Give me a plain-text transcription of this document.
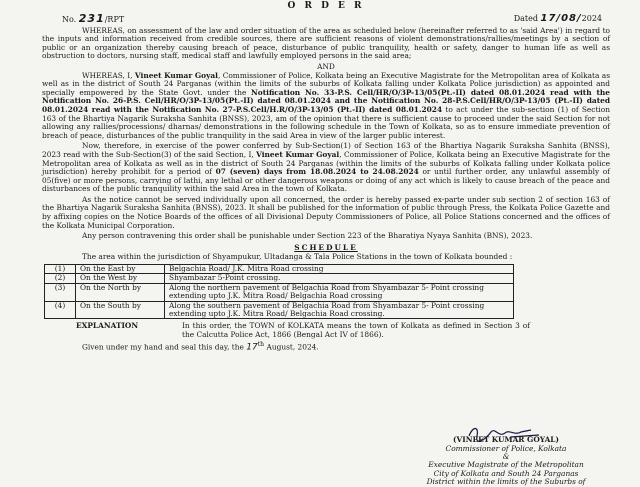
O R D E R
No. 231/RPT	Dated 17/08/2024

WHEREAS, on assessment of the law and order situation of the area as scheduled below (hereinafter referred to as 'said Area') in regard to the inputs and information received from credible sources, there are sufficient reasons of violent demonstrations/rallies/meetings by a section of public or an organization thereby causing breach of peace, disturbance of public tranquility, health or safety, danger to human life as well as obstruction to doctors, nursing staff, medical staff and lawfully employed persons in the said area;

AND

WHEREAS, I, Vineet Kumar Goyal, Commissioner of Police, Kolkata being an Executive Magistrate for the Metropolitan area of Kolkata as well as in the district of South 24 Parganas (within the limits of the suburbs of Kolkata falling under Kolkata Police jurisdiction) as appointed and specially empowered by the State Govt. under the Notification No. 33-P.S. Cell/HR/O/3P-13/05(Pt.-II) dated 08.01.2024 read with the Notification No. 26-P.S. Cell/HR/O/3P-13/05(Pt.-II) dated 08.01.2024 and the Notification No. 28-P.S.Cell/HR/O/3P-13/05 (Pt.-II) dated 08.01.2024 read with the Notification No. 27-P.S.Cell/H.R/O/3P-13/05 (Pt.-II) dated 08.01.2024 to act under the sub-section (1) of Section 163 of the Bhartiya Nagarik Suraksha Sanhita (BNSS), 2023, am of the opinion that there is sufficient cause to proceed under the said Section for not allowing any rallies/processions/ dharnas/ demonstrations in the following schedule in the Town of Kolkata, so as to ensure immediate prevention of breach of peace, disturbances of the public tranquility in the said Area in view of the larger public interest.

Now, therefore, in exercise of the power conferred by Sub-Section(1) of Section 163 of the Bhartiya Nagarik Suraksha Sanhita (BNSS), 2023 read with the Sub-Section(3) of the said Section, I, Vineet Kumar Goyal, Commissioner of Police, Kolkata being an Executive Magistrate for the Metropolitan area of Kolkata as well as in the district of South 24 Parganas (within the limits of the suburbs of Kolkata falling under Kolkata police jurisdiction) hereby prohibit for a period of 07 (seven) days from 18.08.2024 to 24.08.2024 or until further order, any unlawful assembly of 05(five) or more persons, carrying of lathi, any lethal or other dangerous weapons or doing of any act which is likely to cause breach of the peace and disturbances of the public tranquility within the said Area in the town of Kolkata.

As the notice cannot be served individually upon all concerned, the order is hereby passed ex-parte under sub section 2 of section 163 of the Bhartiya Nagarik Suraksha Sanhita (BNSS), 2023. It shall be published for the information of public through Press, the Kolkata Police Gazette and by affixing copies on the Notice Boards of the offices of all Divisional Deputy Commissioners of Police, all Police Stations concerned and the offices of the Kolkata Municipal Corporation.

Any person contravening this order shall be punishable under Section 223 of the Bharatiya Nyaya Sanhita (BNS), 2023.

SCHEDULE

The area within the jurisdiction of Shyampukur, Ultadanga & Tala Police Stations in the town of Kolkata bounded :

(1)	On the East by	Belgachia Road/ J.K. Mitra Road crossing
(2)	On the West by	Shyambazar 5-Point crossing.
(3)	On the North by	Along the northern pavement of Belgachia Road from Shyambazar 5- Point crossing extending upto J.K. Mitra Road/ Belgachia Road crossing
(4)	On the South by	Along the southern pavement of Belgachia Road from Shyambazar 5- Point crossing extending upto J.K. Mitra Road/ Belgachia Road crossing.
EXPLANATION	In this order, the TOWN of KOLKATA means the town of Kolkata as defined in Section 3 of the Calcutta Police Act, 1866 (Bengal Act IV of 1866).

Given under my hand and seal this day, the 17th August, 2024.

(VINEET KUMAR GOYAL)
Commissioner of Police, Kolkata
&
Executive Magistrate of the Metropolitan
City of Kolkata and South 24 Parganas
District within the limits of the Suburbs of
